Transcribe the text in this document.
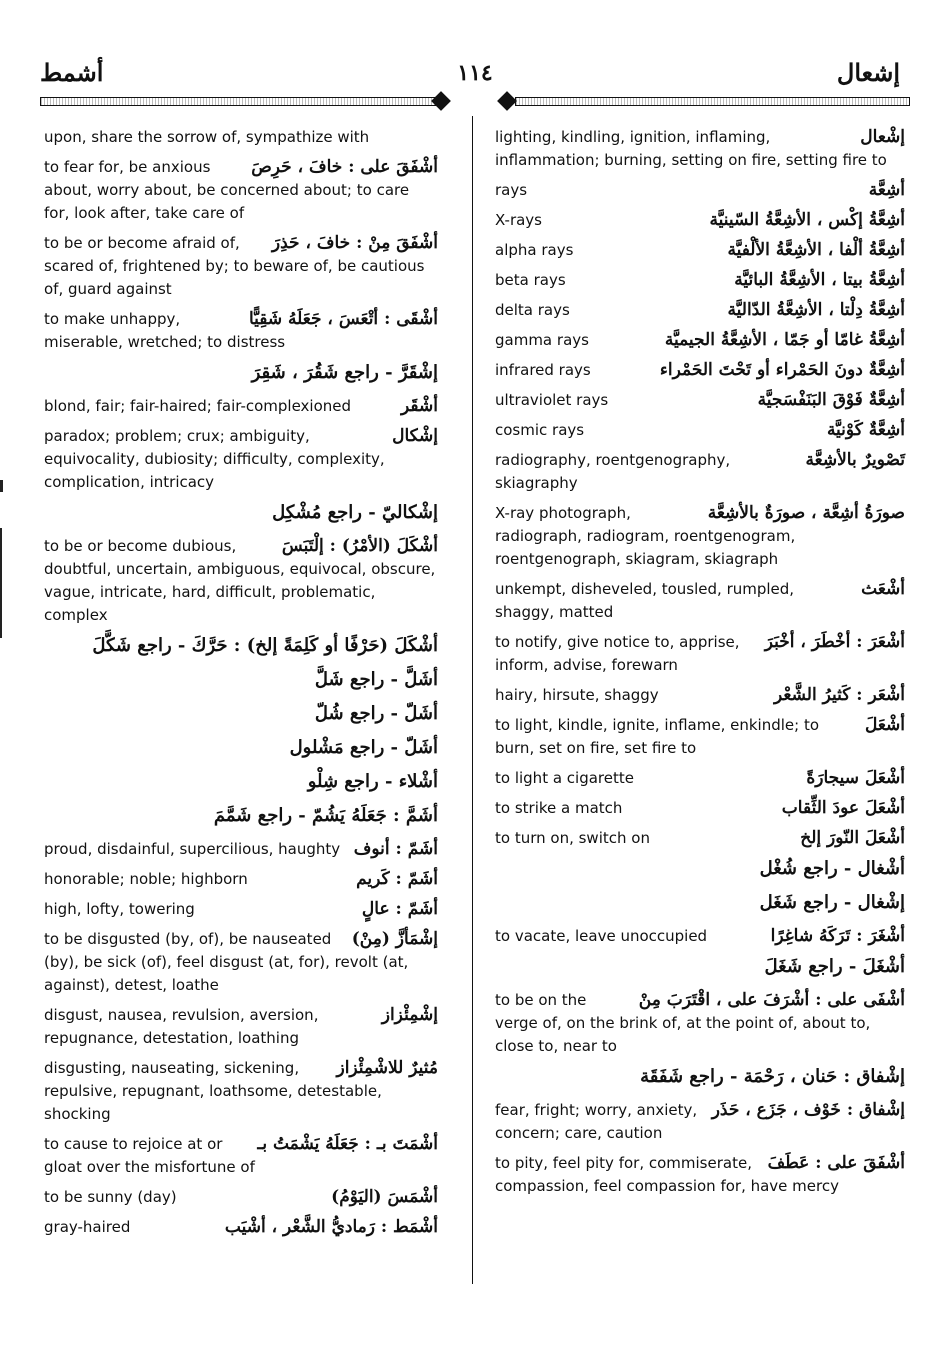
أشمط	١١٤	إشعال
upon, share the sorrow of, sympathize with
أشْفَقَ على : خافَ ، حَرِصَ
to fear for, be anxious about, worry about, be concerned about; to care for, look after, take care of
أشْفَقَ مِنْ : خافَ ، حَذِرَ
to be or become afraid of, scared of, frightened by; to beware of, be cautious of, guard against
أشْقَى : أتْعَسَ ، جَعَلَهُ شَقِيًّا
to make unhappy, miserable, wretched; to distress
إشْقَرَّ - راجع شَقُرَ ، شَقِرَ
أشْقَر
blond, fair; fair-haired; fair-complexioned
إشْكال
paradox; problem; crux; ambiguity, equivocality, dubiosity; difficulty, complexity, complication, intricacy
إشْكاليّ - راجع مُشْكِل
أشْكَلَ (الأمْرُ) : إلْتَبَسَ
to be or become dubious, doubtful, uncertain, ambiguous, equivocal, obscure, vague, intricate, hard, difficult, problematic, complex
أشْكَلَ (حَرْفًا أو كَلِمَةً إلخ) : حَرَّكَ - راجع شَكَّلَ
أشَلَّ - راجع شَلَّ
أشَلّ - راجع شُلّ
أشَلّ - راجع مَشْلول
أشْلاء - راجع شِلْو
أشَمَّ : جَعَلَهُ يَشُمّ - راجع شَمَّمَ
أشَمّ : أنوف
proud, disdainful, supercilious, haughty
أشَمّ : كَريم
honorable; noble; highborn
أشَمّ : عالٍ
high, lofty, towering
إشْمَأزَّ (مِنْ)
to be disgusted (by, of), be nauseated (by), be sick (of), feel disgust (at, for), revolt (at, against), detest, loathe
إشْمِئْزاز
disgust, nausea, revulsion, aversion, repugnance, detestation, loathing
مُثيرٌ للاشْمِئْزاز
disgusting, nauseating, sickening, repulsive, repugnant, loathsome, detestable, shocking
أشْمَتَ بـ : جَعَلَهُ يَشْمَتُ بـ
to cause to rejoice at or gloat over the misfortune of
أشْمَسَ (اليَوْمُ)
to be sunny (day)
أشْمَط : رَماديُّ الشَّعْر ، أشْيَب
gray-haired
إشْعال
lighting, kindling, ignition, inflaming, inflammation; burning, setting on fire, setting fire to
أشِعَّة
rays
أشِعَّةُ إكْس ، الأشِعَّةُ السّينيَّة
X-rays
أشِعَّةُ ألْفا ، الأشِعَّةُ الألْفيَّة
alpha rays
أشِعَّةُ بيتا ، الأشِعَّةُ البائيَّة
beta rays
أشِعَّةُ دِلْتا ، الأشِعَّةُ الدّاليَّة
delta rays
أشِعَّةُ غامّا أو جَمّا ، الأشِعَّةُ الجيميَّة
gamma rays
أشِعَّةٌ دونَ الحَمْراء أو تَحْتَ الحَمْراء
infrared rays
أشِعَّةٌ فَوْقَ البَنَفْسَجيَّة
ultraviolet rays
أشِعَّةٌ كَوْنيَّة
cosmic rays
تَصْويرٌ بالأشِعَّة
radiography, roentgenography, skiagraphy
صورَةُ أشِعَّة ، صورَةٌ بالأشِعَّة
X-ray photograph, radiograph, radiogram, roentgenogram, roentgenograph, skiagram, skiagraph
أشْعَث
unkempt, disheveled, tousled, rumpled, shaggy, matted
أشْعَرَ : أخْطَرَ ، أخْبَرَ
to notify, give notice to, apprise, inform, advise, forewarn
أشْعَر : كَثيرُ الشَّعْر
hairy, hirsute, shaggy
أشْعَلَ
to light, kindle, ignite, inflame, enkindle; to burn, set on fire, set fire to
أشْعَلَ سيجارَةً
to light a cigarette
أشْعَلَ عودَ الثِّقاب
to strike a match
أشْعَلَ النّورَ إلخ
to turn on, switch on
أشْغال - راجع شُغْل
إشْغال - راجع شَغَل
أشْغَرَ : تَرَكَهُ شاغِرًا
to vacate, leave unoccupied
أشْغَلَ - راجع شَغَلَ
أشْفَى على : أشْرَفَ على ، اقْتَرَبَ مِنْ
to be on the verge of, on the brink of, at the point of, about to, close to, near to
إشْفاق : حَنان ، رَحْمَة - راجع شَفَقَة
إشْفاق : خَوْف ، جَزَع ، حَذَر
fear, fright; worry, anxiety, concern; care, caution
أشْفَقَ على : عَطَفَ
to pity, feel pity for, commiserate, compassion, feel compassion for, have mercy
